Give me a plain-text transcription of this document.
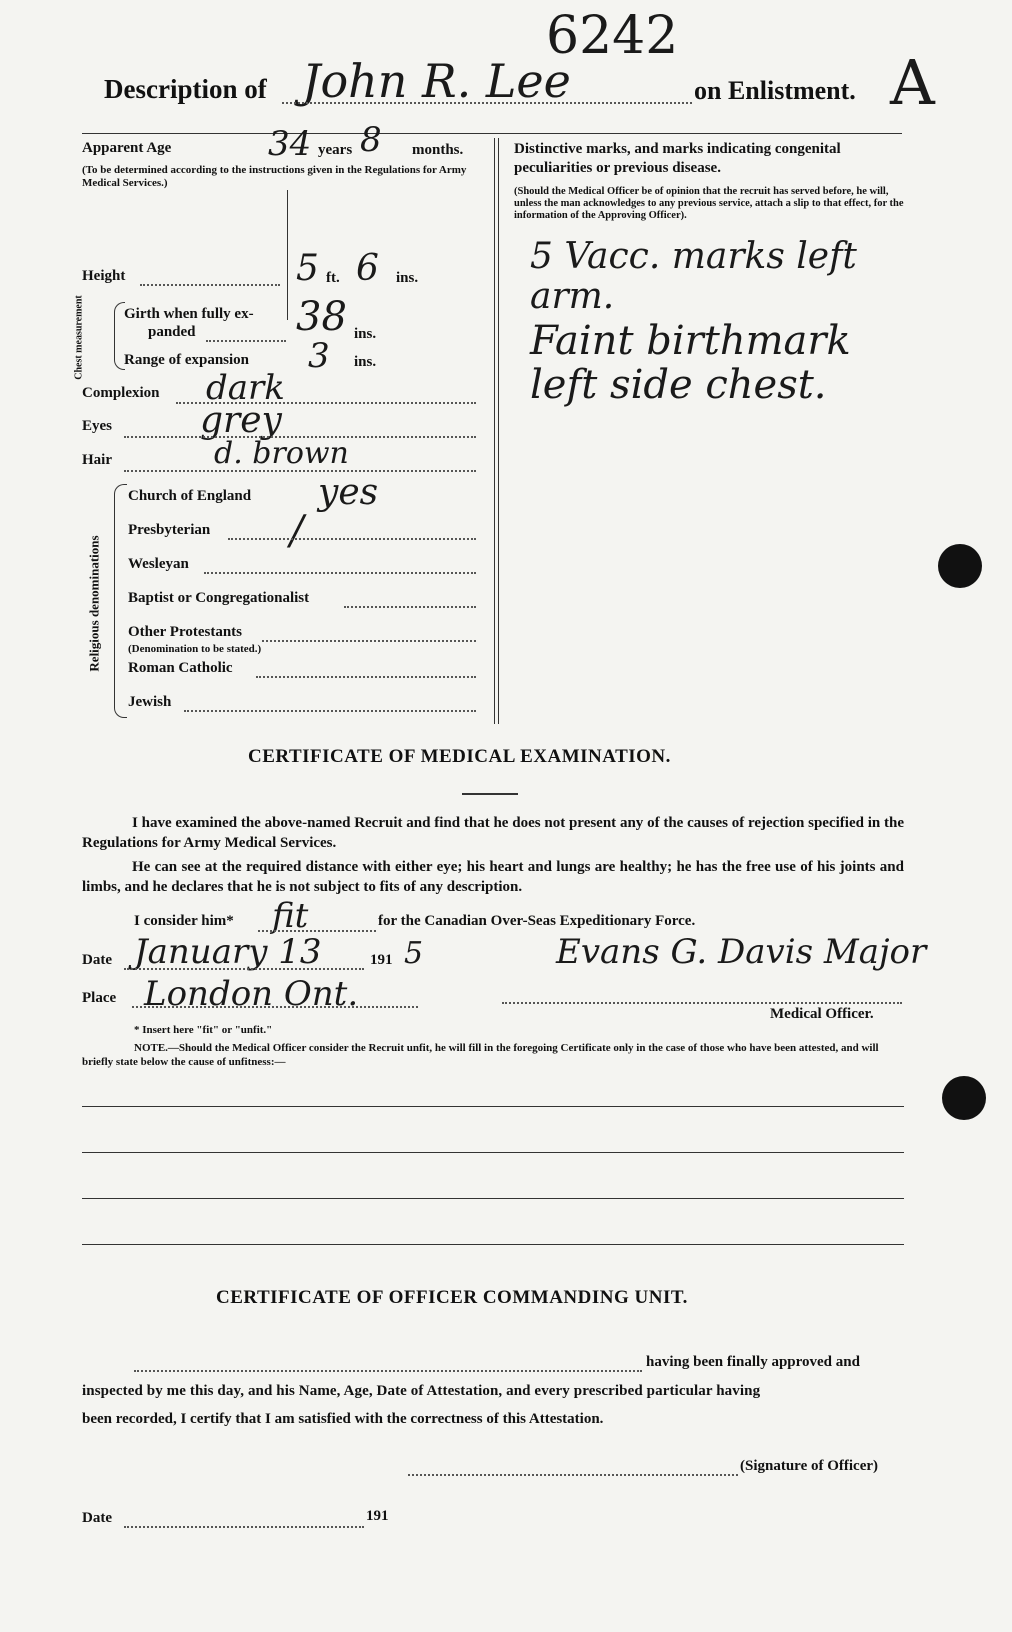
6242
Description of John R. Lee	on Enlistment. A
Apparent Age	34 years 8 months.
(To be determined according to the instructions given in the Regulations for Army Medical Services.)
Height	5 ft. 6 ins.
Chest measurement	Girth when fully ex-
panded	38 ins.
Range of expansion 3 ins.
Complexion dark
Eyes grey
Hair	d. brown
Religious denominations
Church of England yes
/
Presbyterian
Wesleyan
Baptist or Congregationalist
Other Protestants
(Denomination to be stated.)
Roman Catholic
Jewish
Distinctive marks, and marks indicating congenital peculiarities or previous disease.
(Should the Medical Officer be of opinion that the recruit has served before, he will, unless the man acknowledges to any previous service, attach a slip to that effect, for the information of the Approving Officer).
5 Vacc. marks left
arm.
Faint birthmark
left side chest.
CERTIFICATE OF MEDICAL EXAMINATION.
I have examined the above-named Recruit and find that he does not present any of the causes of rejection specified in the Regulations for Army Medical Services.
He can see at the required distance with either eye; his heart and lungs are healthy; he has the free use of his joints and limbs, and he declares that he is not subject to fits of any description.
I consider him* fit	for the Canadian Over-Seas Expeditionary Force.
Date January 13	191 5	Evans G. Davis Major
Medical Officer.
Place London Ont.
* Insert here "fit" or "unfit."
NOTE.—Should the Medical Officer consider the Recruit unfit, he will fill in the foregoing Certificate only in the case of those who have been attested, and will briefly state below the cause of unfitness:—
CERTIFICATE OF OFFICER COMMANDING UNIT.
having been finally approved and
inspected by me this day, and his Name, Age, Date of Attestation, and every prescribed particular having
been recorded, I certify that I am satisfied with the correctness of this Attestation.
(Signature of Officer)
Date	191
